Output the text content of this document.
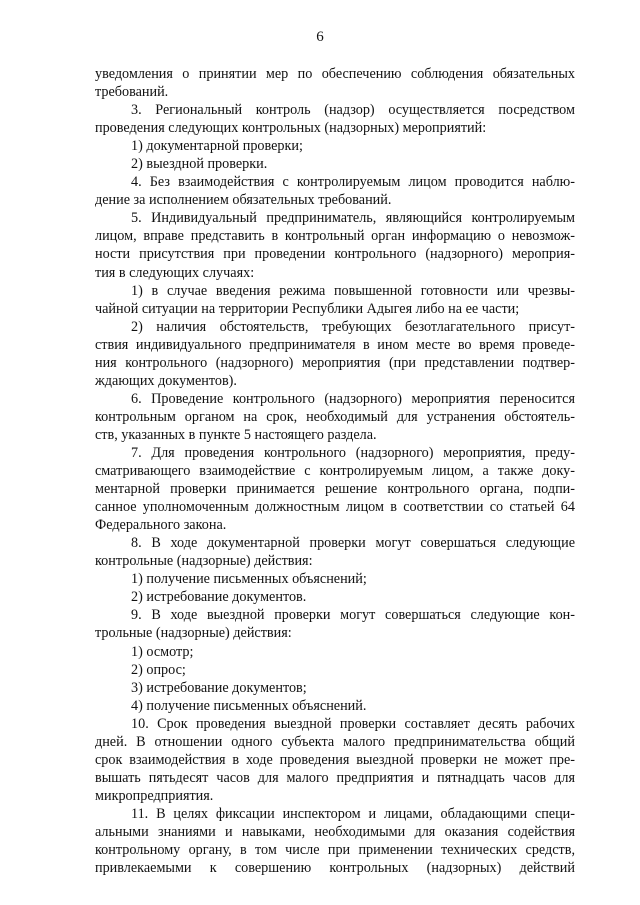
6
уведомления о принятии мер по обеспечению соблюдения обязательных
требований.
3. Региональный контроль (надзор) осуществляется посредством
проведения следующих контрольных (надзорных) мероприятий:
1) документарной проверки;
2) выездной проверки.
4. Без взаимодействия с контролируемым лицом проводится наблю-
дение за исполнением обязательных требований.
5. Индивидуальный предприниматель, являющийся контролируемым
лицом, вправе представить в контрольный орган информацию о невозмож-
ности присутствия при проведении контрольного (надзорного) мероприя-
тия в следующих случаях:
1) в случае введения режима повышенной готовности или чрезвы-
чайной ситуации на территории Республики Адыгея либо на ее части;
2) наличия обстоятельств, требующих безотлагательного присут-
ствия индивидуального предпринимателя в ином месте во время проведе-
ния контрольного (надзорного) мероприятия (при представлении подтвер-
ждающих документов).
6. Проведение контрольного (надзорного) мероприятия переносится
контрольным органом на срок, необходимый для устранения обстоятель-
ств, указанных в пункте 5 настоящего раздела.
7. Для проведения контрольного (надзорного) мероприятия, преду-
сматривающего взаимодействие с контролируемым лицом, а также доку-
ментарной проверки принимается решение контрольного органа, подпи-
санное уполномоченным должностным лицом в соответствии со статьей 64
Федерального закона.
8. В ходе документарной проверки могут совершаться следующие
контрольные (надзорные) действия:
1) получение письменных объяснений;
2) истребование документов.
9. В ходе выездной проверки могут совершаться следующие кон-
трольные (надзорные) действия:
1) осмотр;
2) опрос;
3) истребование документов;
4) получение письменных объяснений.
10. Срок проведения выездной проверки составляет десять рабочих
дней. В отношении одного субъекта малого предпринимательства общий
срок взаимодействия в ходе проведения выездной проверки не может пре-
вышать пятьдесят часов для малого предприятия и пятнадцать часов для
микропредприятия.
11. В целях фиксации инспектором и лицами, обладающими специ-
альными знаниями и навыками, необходимыми для оказания содействия
контрольному органу, в том числе при применении технических средств,
привлекаемыми к совершению контрольных (надзорных) действий
